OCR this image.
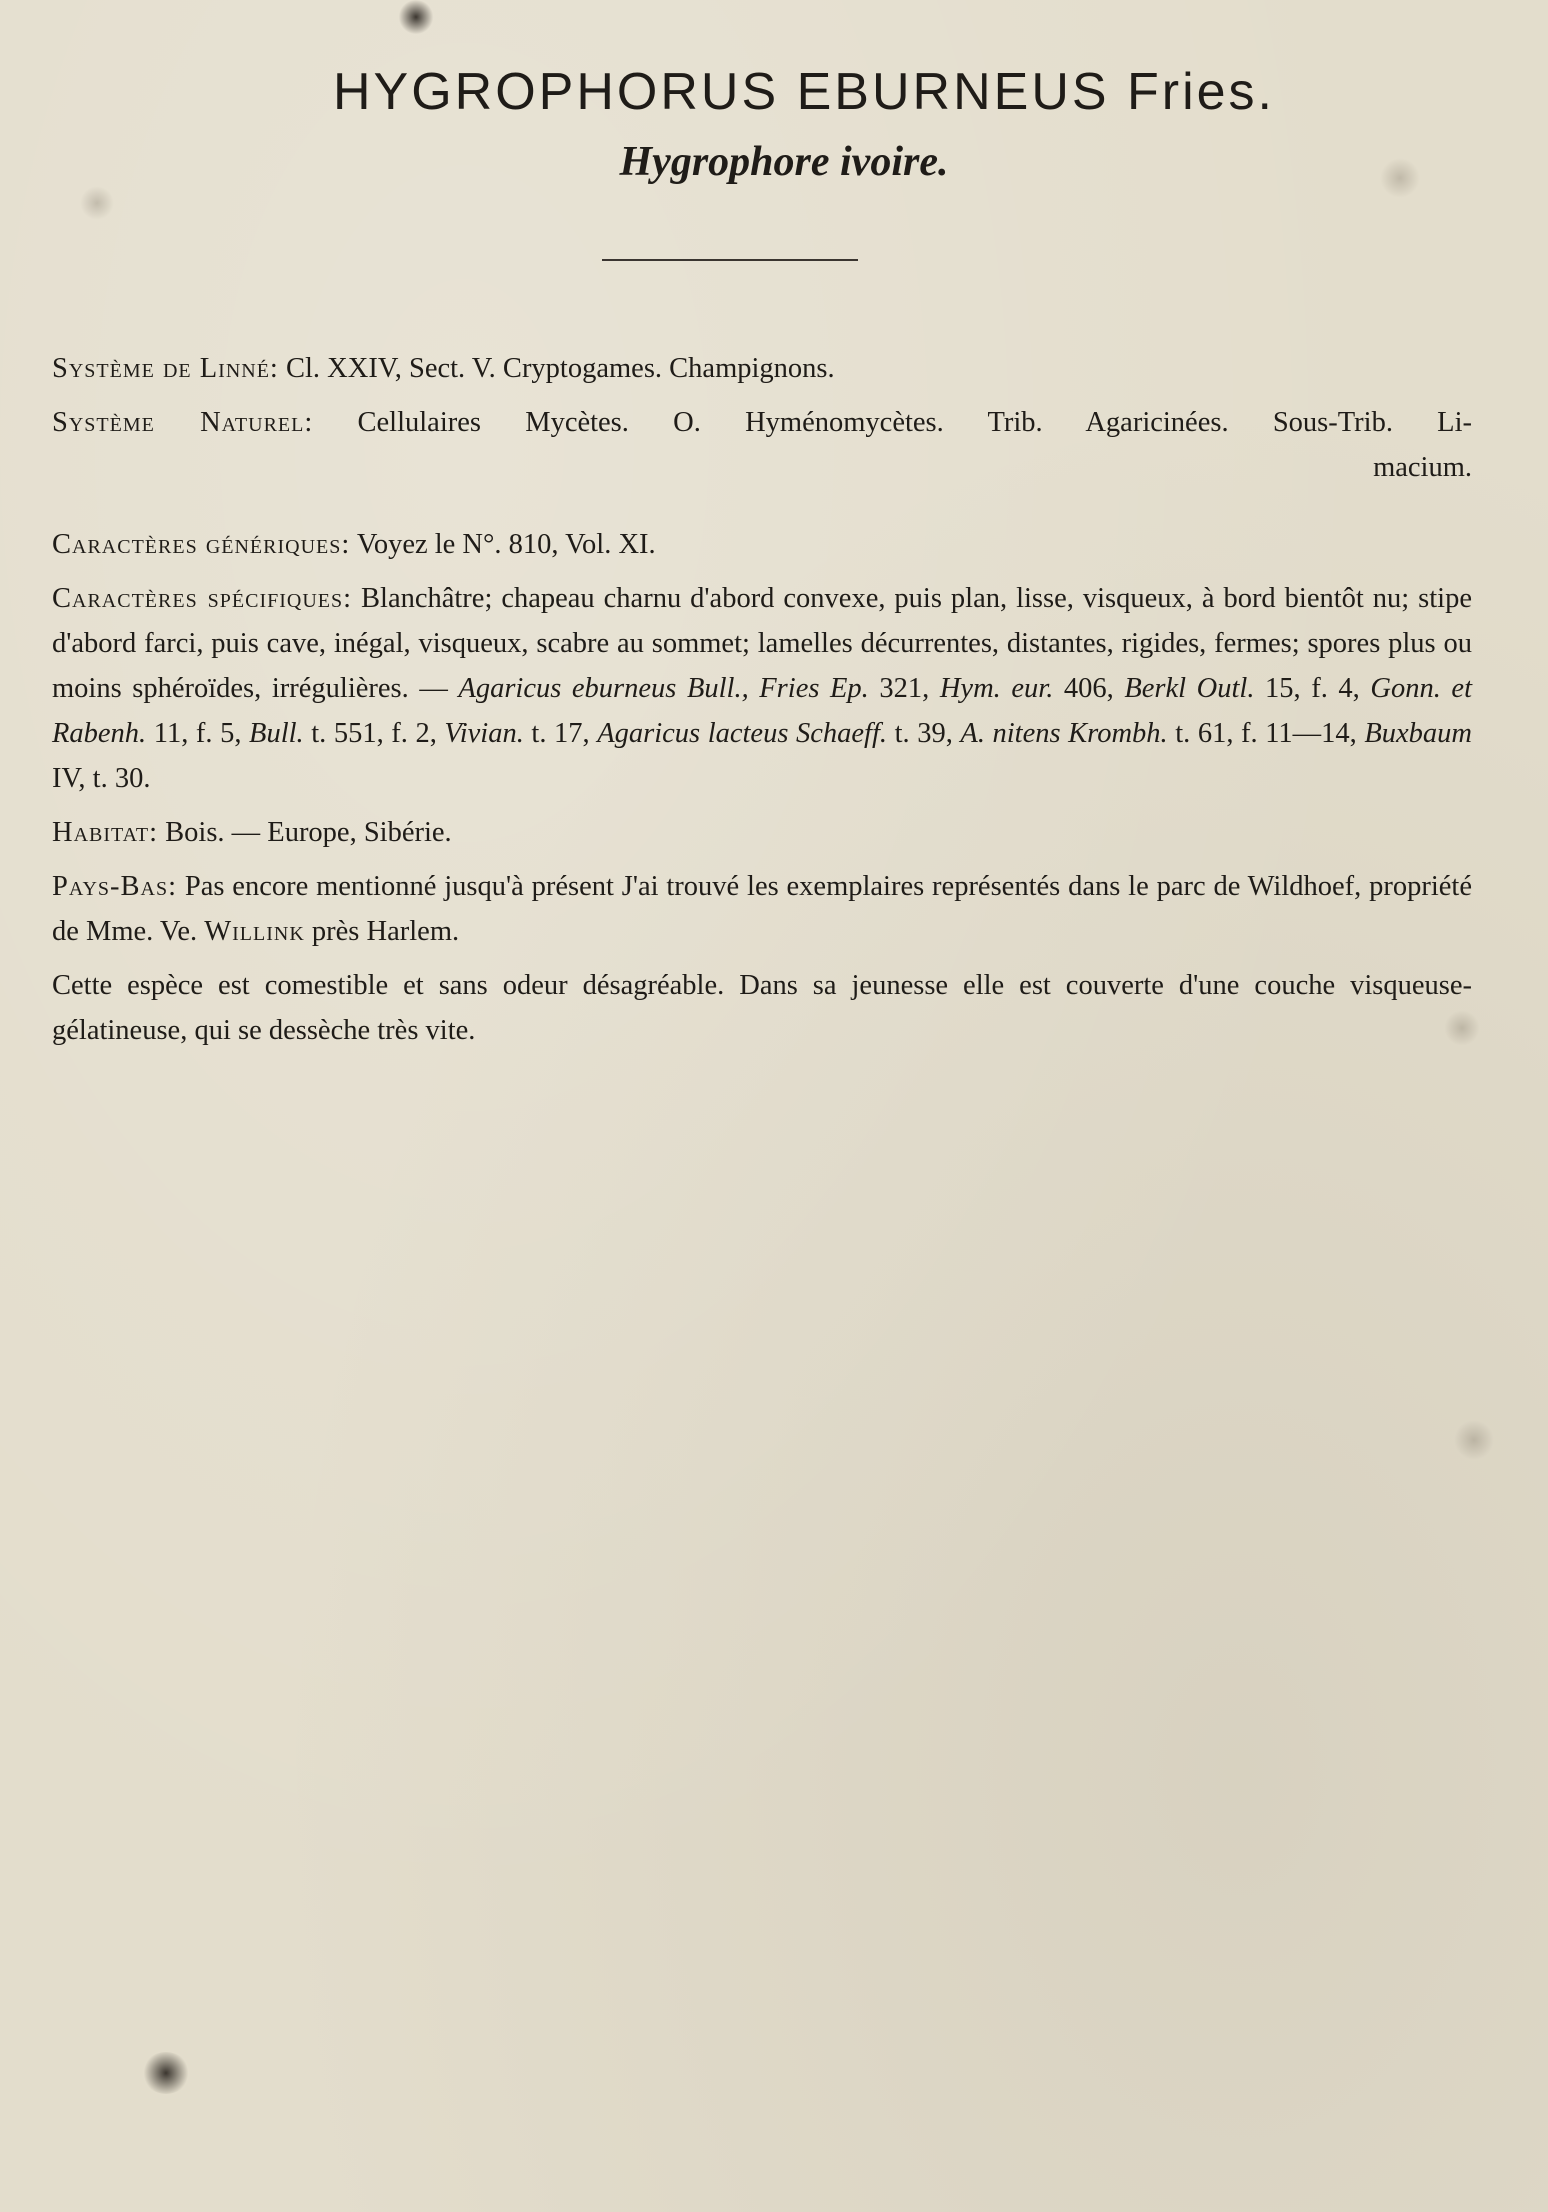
HYGROPHORUS EBURNEUS Fries.
Hygrophore ivoire.

Système de Linné: Cl. XXIV, Sect. V. Cryptogames. Champignons.

Système Naturel: Cellulaires Mycètes. O. Hyménomycètes. Trib. Agaricinées. Sous-Trib. Li-

macium.

Caractères génériques: Voyez le N°. 810, Vol. XI.

Caractères spécifiques: Blanchâtre; chapeau charnu d'abord convexe, puis plan, lisse, visqueux, à bord bientôt nu; stipe d'abord farci, puis cave, inégal, visqueux, scabre au sommet; lamelles décurrentes, distantes, rigides, fermes; spores plus ou moins sphéroïdes, irrégulières. — Agaricus eburneus Bull., Fries Ep. 321, Hym. eur. 406, Berkl Outl. 15, f. 4, Gonn. et Rabenh. 11, f. 5, Bull. t. 551, f. 2, Vivian. t. 17, Agaricus lacteus Schaeff. t. 39, A. nitens Krombh. t. 61, f. 11—14, Buxbaum IV, t. 30.

Habitat: Bois. — Europe, Sibérie.

Pays-Bas: Pas encore mentionné jusqu'à présent J'ai trouvé les exemplaires représentés dans le parc de Wildhoef, propriété de Mme. Ve. Willink près Harlem.

Cette espèce est comestible et sans odeur désagréable. Dans sa jeunesse elle est couverte d'une couche visqueuse-gélatineuse, qui se dessèche très vite.
